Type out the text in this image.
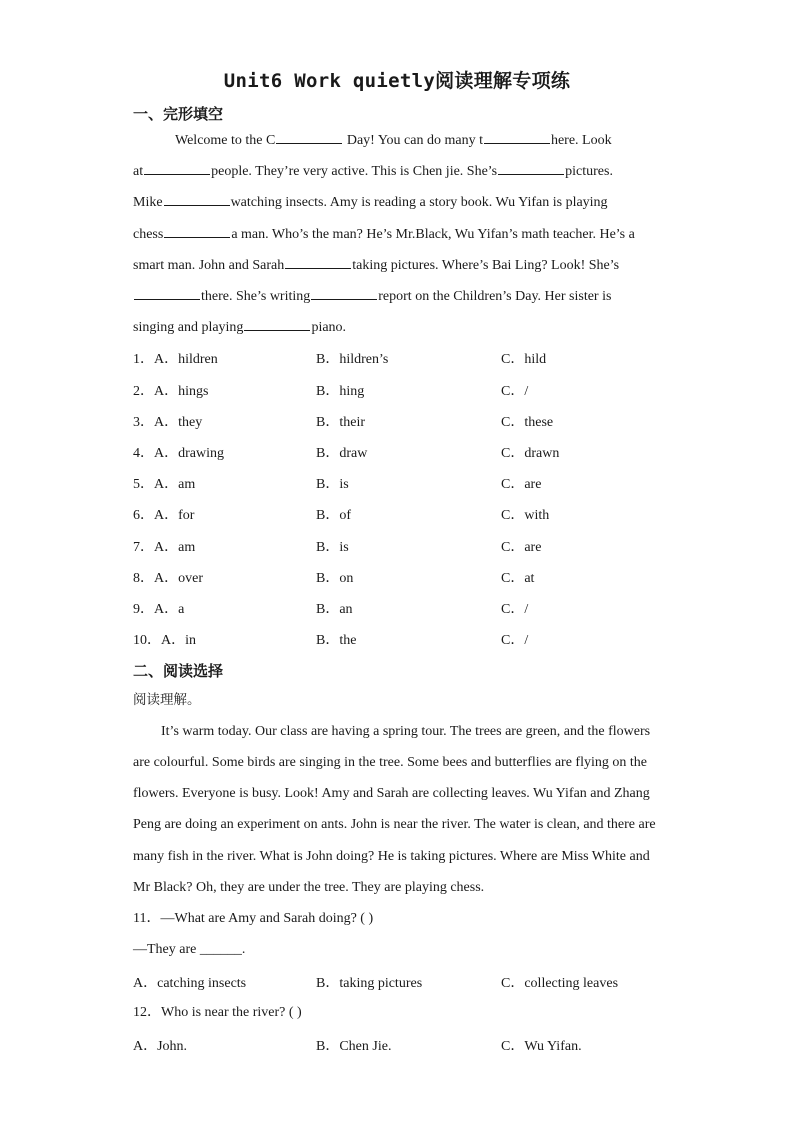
Unit6 Work quietly阅读理解专项练
一、完形填空
Welcome to the C	Day! You can do many t	here. Look
at	people. They’re very active. This is Chen jie. She’s	pictures.
Mike	watching insects. Amy is reading a story book. Wu Yifan is playing
chess	a man. Who’s the man? He’s Mr.Black, Wu Yifan’s math teacher. He’s a
smart man. John and Sarah	taking pictures. Where’s Bai Ling? Look! She’s
there. She’s writing	report on the Children’s Day. Her sister is
singing and playing	piano.
1．A．hildren	B．hildren’s	C．hild
2．A．hings	B．hing	C．/
3．A．they	B．their	C．these
4．A．drawing	B．draw	C．drawn
5．A．am	B．is	C．are
6．A．for	B．of	C．with
7．A．am	B．is	C．are
8．A．over	B．on	C．at
9．A．a	B．an	C．/
10．A．in	B．the	C．/
二、阅读选择
阅读理解。
It’s warm today. Our class are having a spring tour. The trees are green, and the flowers
are colourful. Some birds are singing in the tree. Some bees and butterflies are flying on the
flowers. Everyone is busy. Look! Amy and Sarah are collecting leaves. Wu Yifan and Zhang
Peng are doing an experiment on ants. John is near the river. The water is clean, and there are
many fish in the river. What is John doing? He is taking pictures. Where are Miss White and
Mr Black? Oh, they are under the tree. They are playing chess.
11．—What are Amy and Sarah doing? ( )
—They are ______.
A．catching insects	B．taking pictures	C．collecting leaves
12．Who is near the river? ( )
A．John.	B．Chen Jie.	C．Wu Yifan.
